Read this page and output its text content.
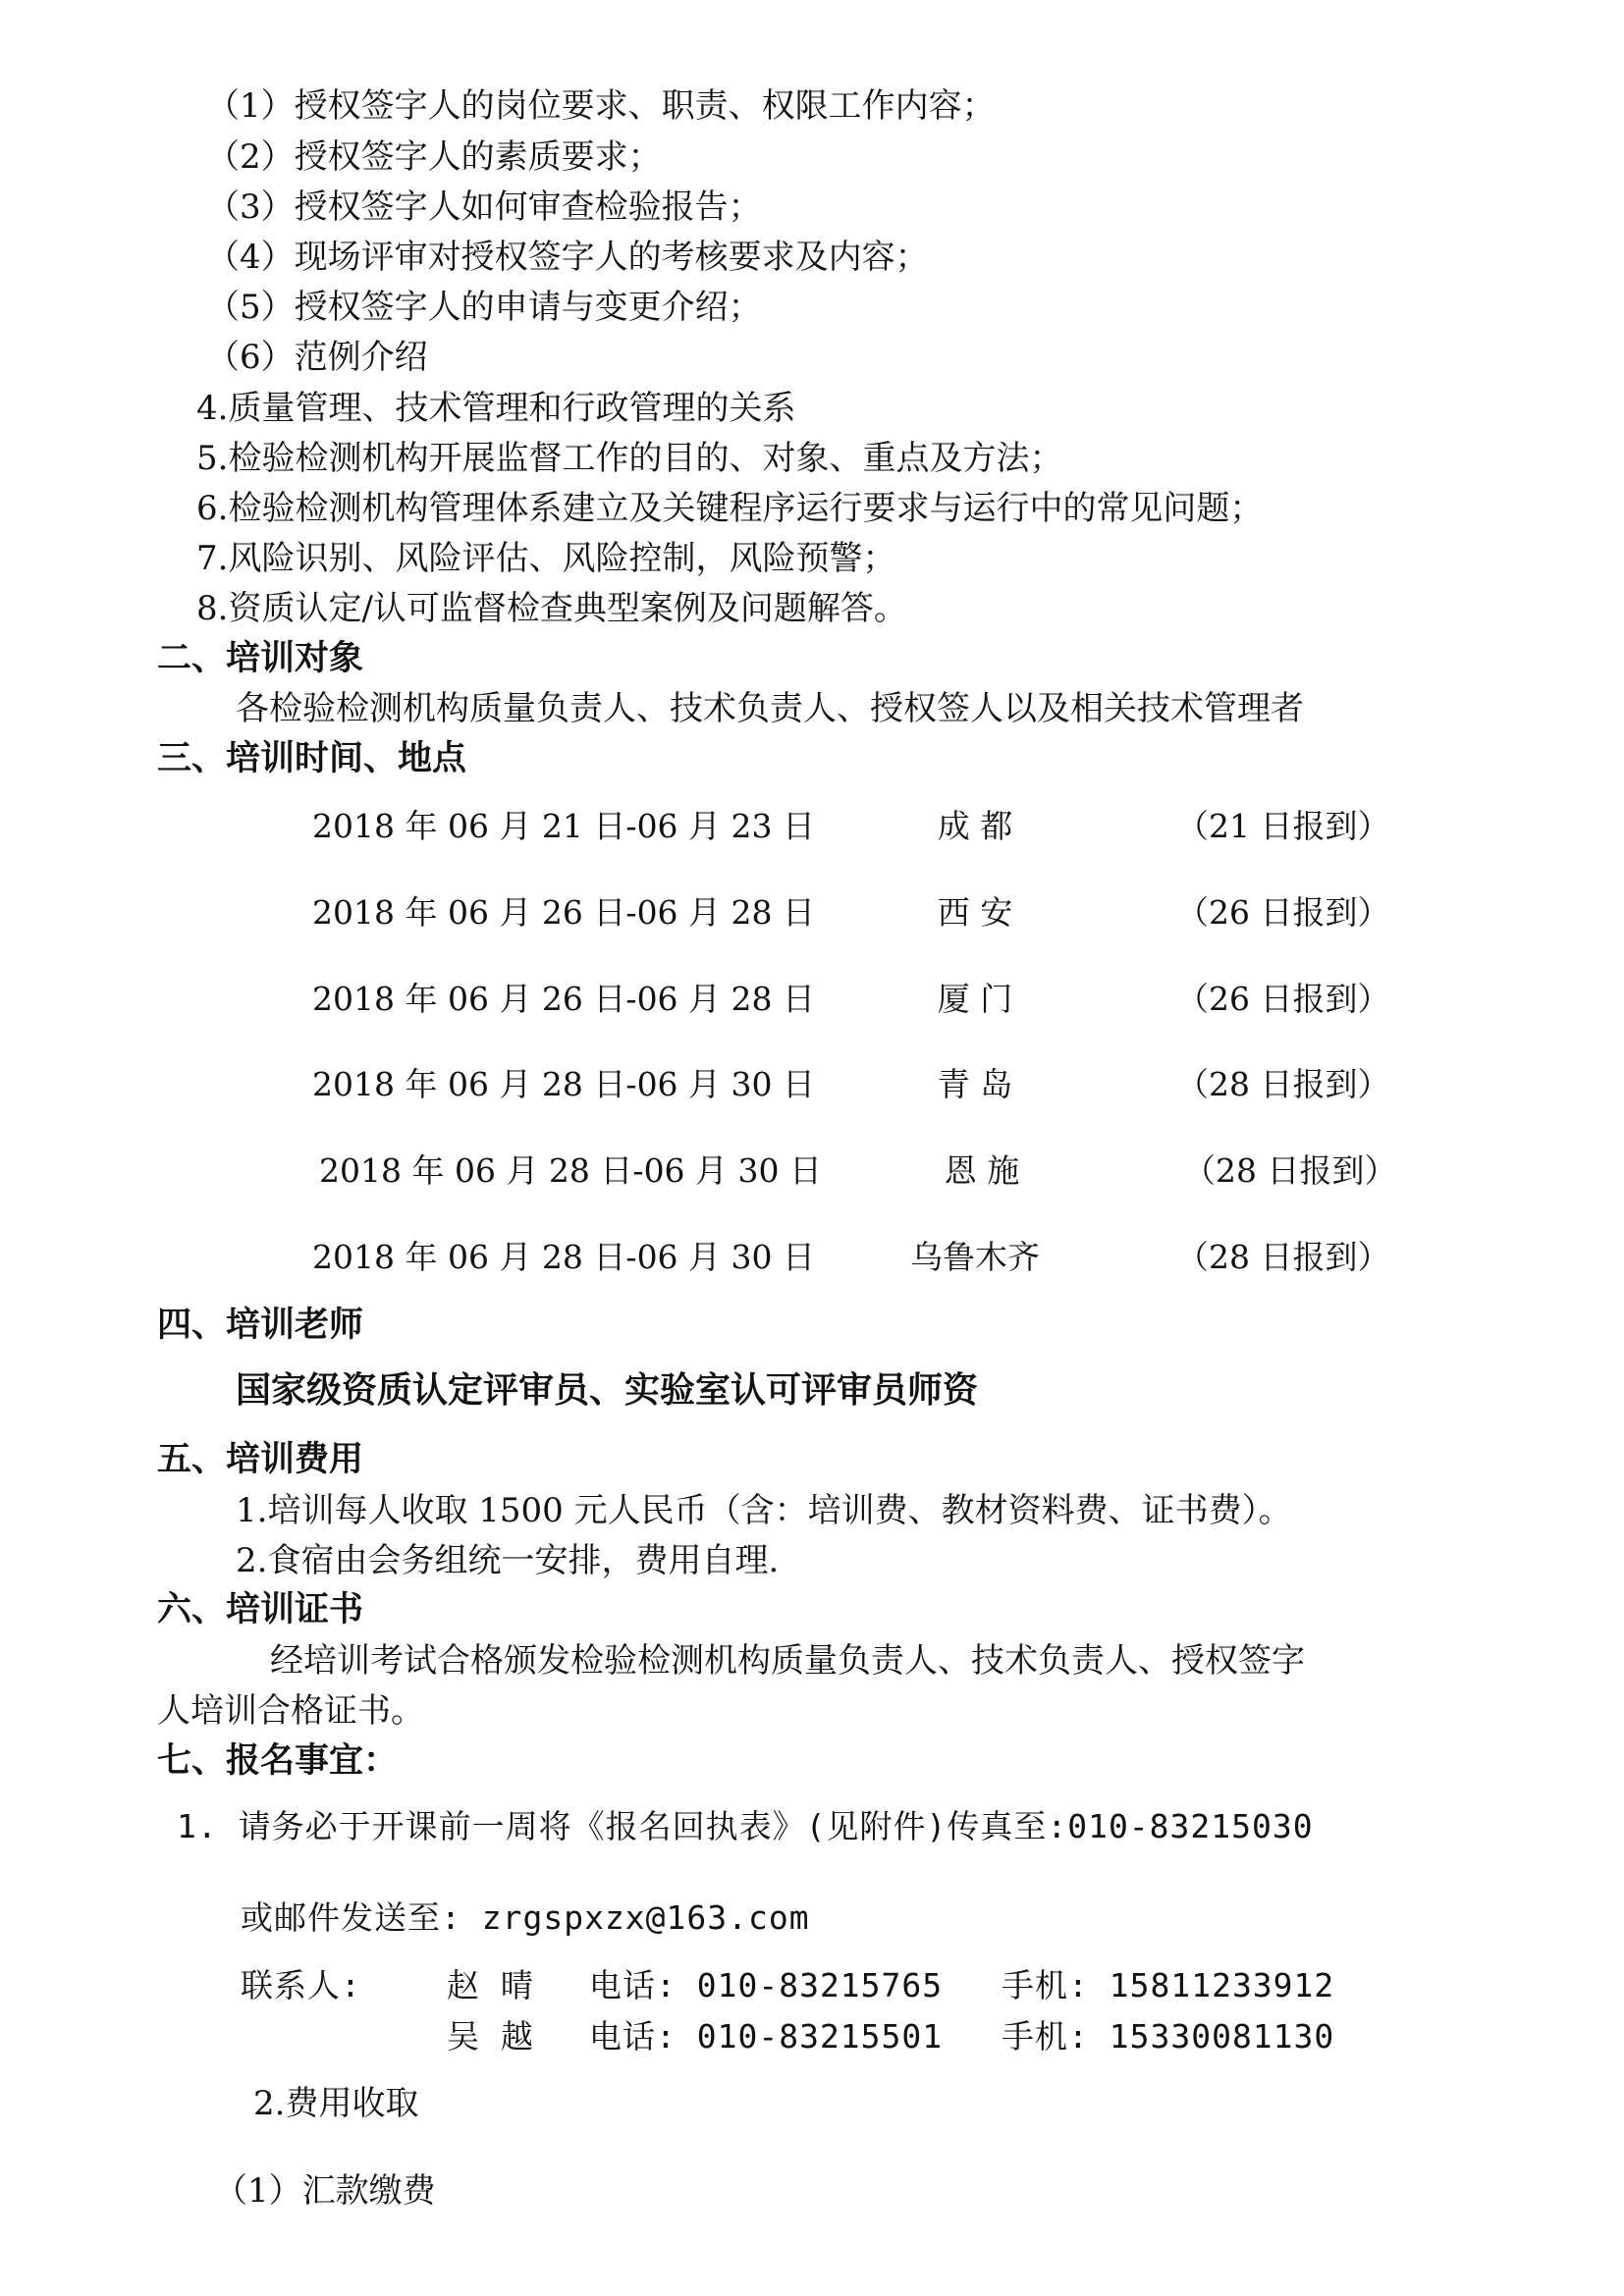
（1）授权签字人的岗位要求、职责、权限工作内容；
（2）授权签字人的素质要求；
（3）授权签字人如何审查检验报告；
（4）现场评审对授权签字人的考核要求及内容；
（5）授权签字人的申请与变更介绍；
（6）范例介绍
4.质量管理、技术管理和行政管理的关系
5.检验检测机构开展监督工作的目的、对象、重点及方法；
6.检验检测机构管理体系建立及关键程序运行要求与运行中的常见问题；
7.风险识别、风险评估、风险控制，风险预警；
8.资质认定/认可监督检查典型案例及问题解答。
二、培训对象
各检验检测机构质量负责人、技术负责人、授权签人以及相关技术管理者
三、培训时间、地点
2018 年 06 月 21 日-06 月 23 日	成 都	（21 日报到）
2018 年 06 月 26 日-06 月 28 日	西 安	（26 日报到）
2018 年 06 月 26 日-06 月 28 日	厦 门	（26 日报到）
2018 年 06 月 28 日-06 月 30 日	青 岛	（28 日报到）
2018 年 06 月 28 日-06 月 30 日	恩 施	（28 日报到）
2018 年 06 月 28 日-06 月 30 日	乌鲁木齐	（28 日报到）
四、培训老师
国家级资质认定评审员、实验室认可评审员师资
五、培训费用
1.培训每人收取 1500 元人民币（含：培训费、教材资料费、证书费）。
2.食宿由会务组统一安排，费用自理.
六、培训证书
经培训考试合格颁发检验检测机构质量负责人、技术负责人、授权签字
人培训合格证书。
七、报名事宜：
1. 请务必于开课前一周将《报名回执表》(见附件)传真至:010-83215030
或邮件发送至: zrgspxzx@163.com
联系人:	赵 晴 电话: 010-83215765 手机: 15811233912
吴 越 电话: 010-83215501 手机: 15330081130
2.费用收取
（1）汇款缴费
